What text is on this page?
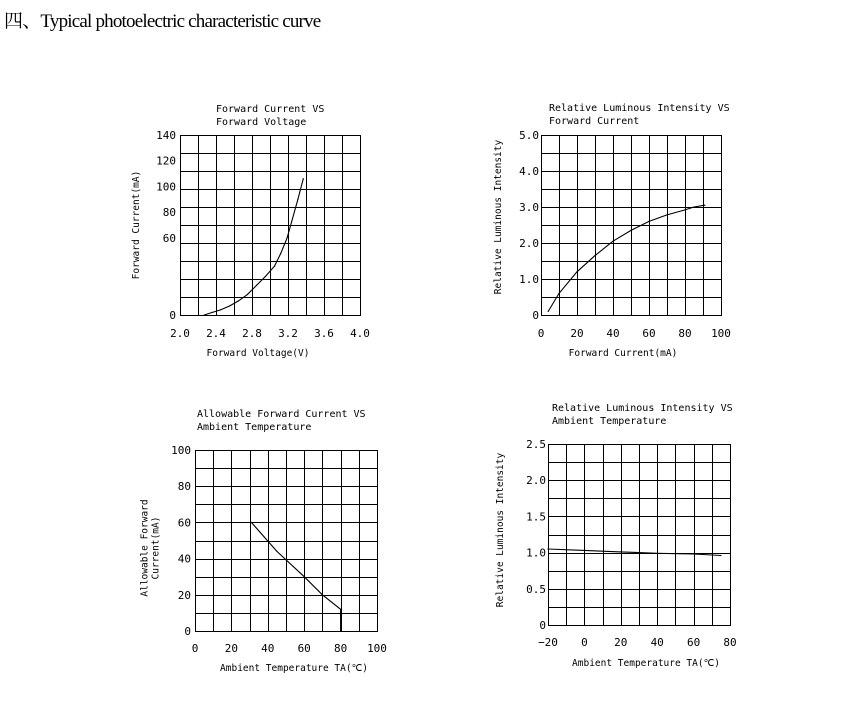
四、Typical photoelectric characteristic curve
Forward Current VS
Forward Voltage
2.0 2.4 2.8 3.2 3.6 4.0
0
60
80
100
120
140
Forward Voltage(V)
Forward Current(mA)
Relative Luminous Intensity VS
Forward Current
0 20 40 60 80 100
0
1.0
2.0
3.0
4.0
5.0
Forward Current(mA)
Relative Luminous Intensity
Allowable Forward Current VS
Ambient Temperature
0 20 40 60 80 100
0
20
40
60
80
100
Ambient Temperature TA(℃)
Allowable ForwardCurrent(mA)
Relative Luminous Intensity VS
Ambient Temperature
−20 0 20 40 60 80
0
0.5
1.0
1.5
2.0
2.5
Ambient Temperature TA(℃)
Relative Luminous Intensity
